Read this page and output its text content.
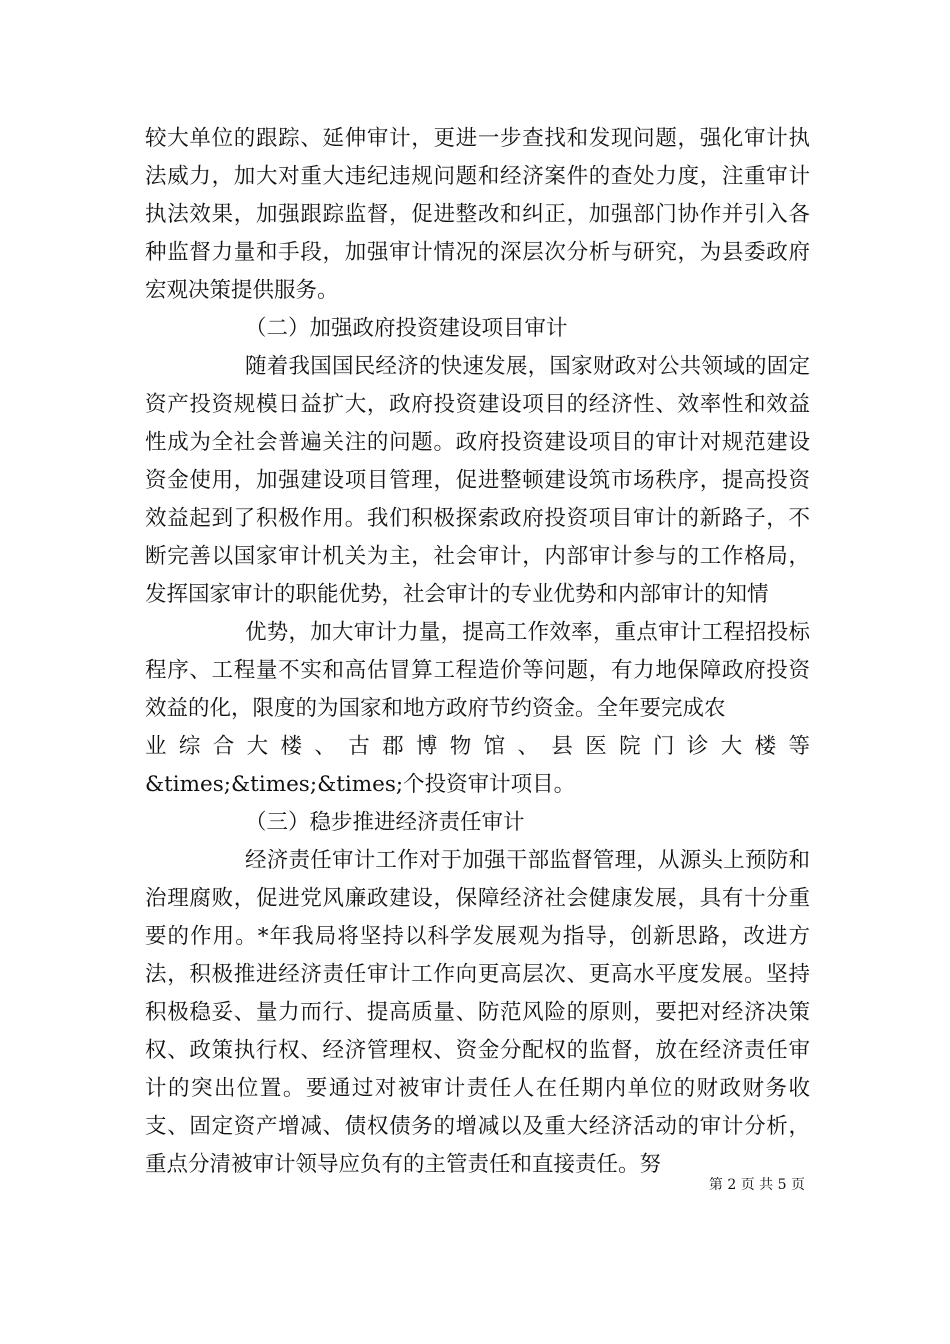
较大单位的跟踪、延伸审计，更进一步查找和发现问题，强化审计执法威力，加大对重大违纪违规问题和经济案件的查处力度，注重审计执法效果，加强跟踪监督，促进整改和纠正，加强部门协作并引入各种监督力量和手段，加强审计情况的深层次分析与研究，为县委政府宏观决策提供服务。

（二）加强政府投资建设项目审计

随着我国国民经济的快速发展，国家财政对公共领域的固定资产投资规模日益扩大，政府投资建设项目的经济性、效率性和效益性成为全社会普遍关注的问题。政府投资建设项目的审计对规范建设资金使用，加强建设项目管理，促进整顿建设筑市场秩序，提高投资效益起到了积极作用。我们积极探索政府投资项目审计的新路子，不断完善以国家审计机关为主，社会审计，内部审计参与的工作格局，发挥国家审计的职能优势，社会审计的专业优势和内部审计的知情

优势，加大审计力量，提高工作效率，重点审计工程招投标程序、工程量不实和高估冒算工程造价等问题，有力地保障政府投资效益的化，限度的为国家和地方政府节约资金。全年要完成农

业综合大楼、古郡博物馆、县医院门诊大楼等

&times;&times;&times;个投资审计项目。

（三）稳步推进经济责任审计

经济责任审计工作对于加强干部监督管理，从源头上预防和治理腐败，促进党风廉政建设，保障经济社会健康发展，具有十分重要的作用。*年我局将坚持以科学发展观为指导，创新思路，改进方法，积极推进经济责任审计工作向更高层次、更高水平度发展。坚持积极稳妥、量力而行、提高质量、防范风险的原则，要把对经济决策权、政策执行权、经济管理权、资金分配权的监督，放在经济责任审计的突出位置。要通过对被审计责任人在任期内单位的财政财务收支、固定资产增减、债权债务的增减以及重大经济活动的审计分析，重点分清被审计领导应负有的主管责任和直接责任。努

第 2 页 共 5 页
